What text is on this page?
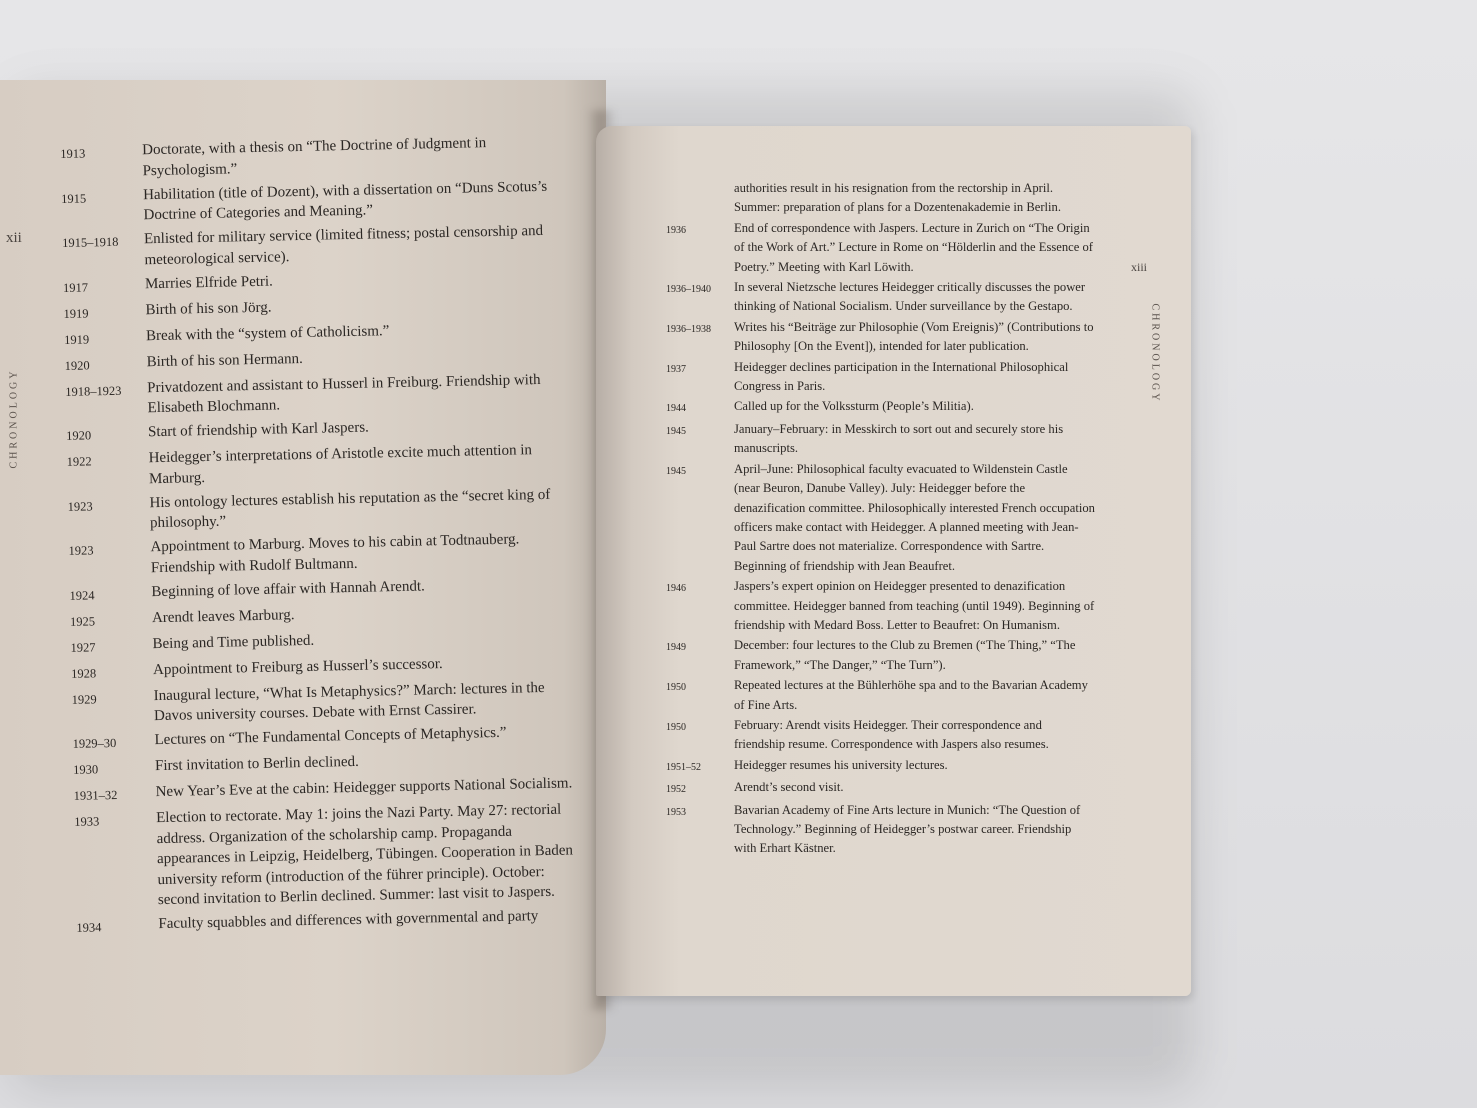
xii
CHRONOLOGY
1913	Doctorate, with a thesis on “The Doctrine of Judgment in Psychologism.”
1915	Habilitation (title of Dozent), with a dissertation on “Duns Scotus’s Doctrine of Categories and Meaning.”
1915–1918	Enlisted for military service (limited fitness; postal censorship and meteorological service).
1917	Marries Elfride Petri.
1919	Birth of his son Jörg.
1919	Break with the “system of Catholicism.”
1920	Birth of his son Hermann.
1918–1923	Privatdozent and assistant to Husserl in Freiburg. Friendship with Elisabeth Blochmann.
1920	Start of friendship with Karl Jaspers.
1922	Heidegger’s interpretations of Aristotle excite much attention in Marburg.
1923	His ontology lectures establish his reputation as the “secret king of philosophy.”
1923	Appointment to Marburg. Moves to his cabin at Todtnauberg. Friendship with Rudolf Bultmann.
1924	Beginning of love affair with Hannah Arendt.
1925	Arendt leaves Marburg.
1927	Being and Time published.
1928	Appointment to Freiburg as Husserl’s successor.
1929	Inaugural lecture, “What Is Metaphysics?” March: lectures in the Davos university courses. Debate with Ernst Cassirer.
1929–30	Lectures on “The Fundamental Concepts of Metaphysics.”
1930	First invitation to Berlin declined.
1931–32	New Year’s Eve at the cabin: Heidegger supports National Socialism.
1933	Election to rectorate. May 1: joins the Nazi Party. May 27: rectorial address. Organization of the scholarship camp. Propaganda appearances in Leipzig, Heidelberg, Tübingen. Cooperation in Baden university reform (introduction of the führer principle). October: second invitation to Berlin declined. Summer: last visit to Jaspers.
1934	Faculty squabbles and differences with governmental and party
xiii
CHRONOLOGY
authorities result in his resignation from the rectorship in April. Summer: preparation of plans for a Dozentenakademie in Berlin.
1936	End of correspondence with Jaspers. Lecture in Zurich on “The Origin of the Work of Art.” Lecture in Rome on “Hölderlin and the Essence of Poetry.” Meeting with Karl Löwith.
1936–1940	In several Nietzsche lectures Heidegger critically discusses the power thinking of National Socialism. Under surveillance by the Gestapo.
1936–1938	Writes his “Beiträge zur Philosophie (Vom Ereignis)” (Contributions to Philosophy [On the Event]), intended for later publication.
1937	Heidegger declines participation in the International Philosophical Congress in Paris.
1944	Called up for the Volkssturm (People’s Militia).
1945	January–February: in Messkirch to sort out and securely store his manuscripts.
1945	April–June: Philosophical faculty evacuated to Wildenstein Castle (near Beuron, Danube Valley). July: Heidegger before the denazification committee. Philosophically interested French occupation officers make contact with Heidegger. A planned meeting with Jean-Paul Sartre does not materialize. Correspondence with Sartre. Beginning of friendship with Jean Beaufret.
1946	Jaspers’s expert opinion on Heidegger presented to denazification committee. Heidegger banned from teaching (until 1949). Beginning of friendship with Medard Boss. Letter to Beaufret: On Humanism.
1949	December: four lectures to the Club zu Bremen (“The Thing,” “The Framework,” “The Danger,” “The Turn”).
1950	Repeated lectures at the Bühlerhöhe spa and to the Bavarian Academy of Fine Arts.
1950	February: Arendt visits Heidegger. Their correspondence and friendship resume. Correspondence with Jaspers also resumes.
1951–52	Heidegger resumes his university lectures.
1952	Arendt’s second visit.
1953	Bavarian Academy of Fine Arts lecture in Munich: “The Question of Technology.” Beginning of Heidegger’s postwar career. Friendship with Erhart Kästner.
